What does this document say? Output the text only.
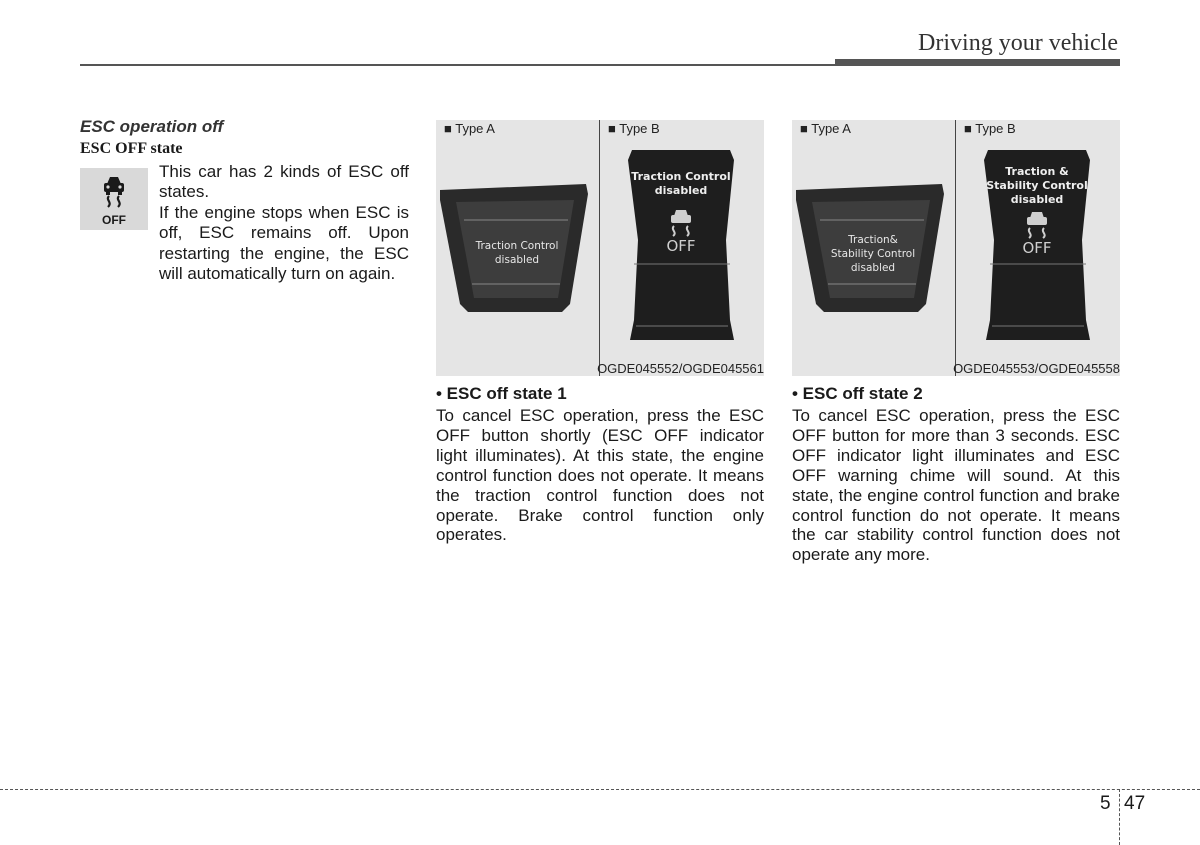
Driving your vehicle
ESC operation off
ESC OFF state
OFF

This car has 2 kinds of ESC off states.

If the engine stops when ESC is off, ESC remains off. Upon restarting the engine, the ESC will automatically turn on again.

■ Type A	■ Type B
Traction Control
disabled
Traction Control
disabled
OFF
OGDE045552/OGDE045561
■ Type A	■ Type B
Traction&
Stability Control
disabled
Traction &
Stability Control
disabled
OFF
OGDE045553/OGDE045558

• ESC off state 1

To cancel ESC operation, press the ESC OFF button shortly (ESC OFF indicator light illuminates). At this state, the engine control function does not operate. It means the traction control function does not operate. Brake control function only operates.

• ESC off state 2

To cancel ESC operation, press the ESC OFF button for more than 3 seconds. ESC OFF indicator light illuminates and ESC OFF warning chime will sound. At this state, the engine control function and brake control function do not operate. It means the car stability control function does not operate any more.

5 47
